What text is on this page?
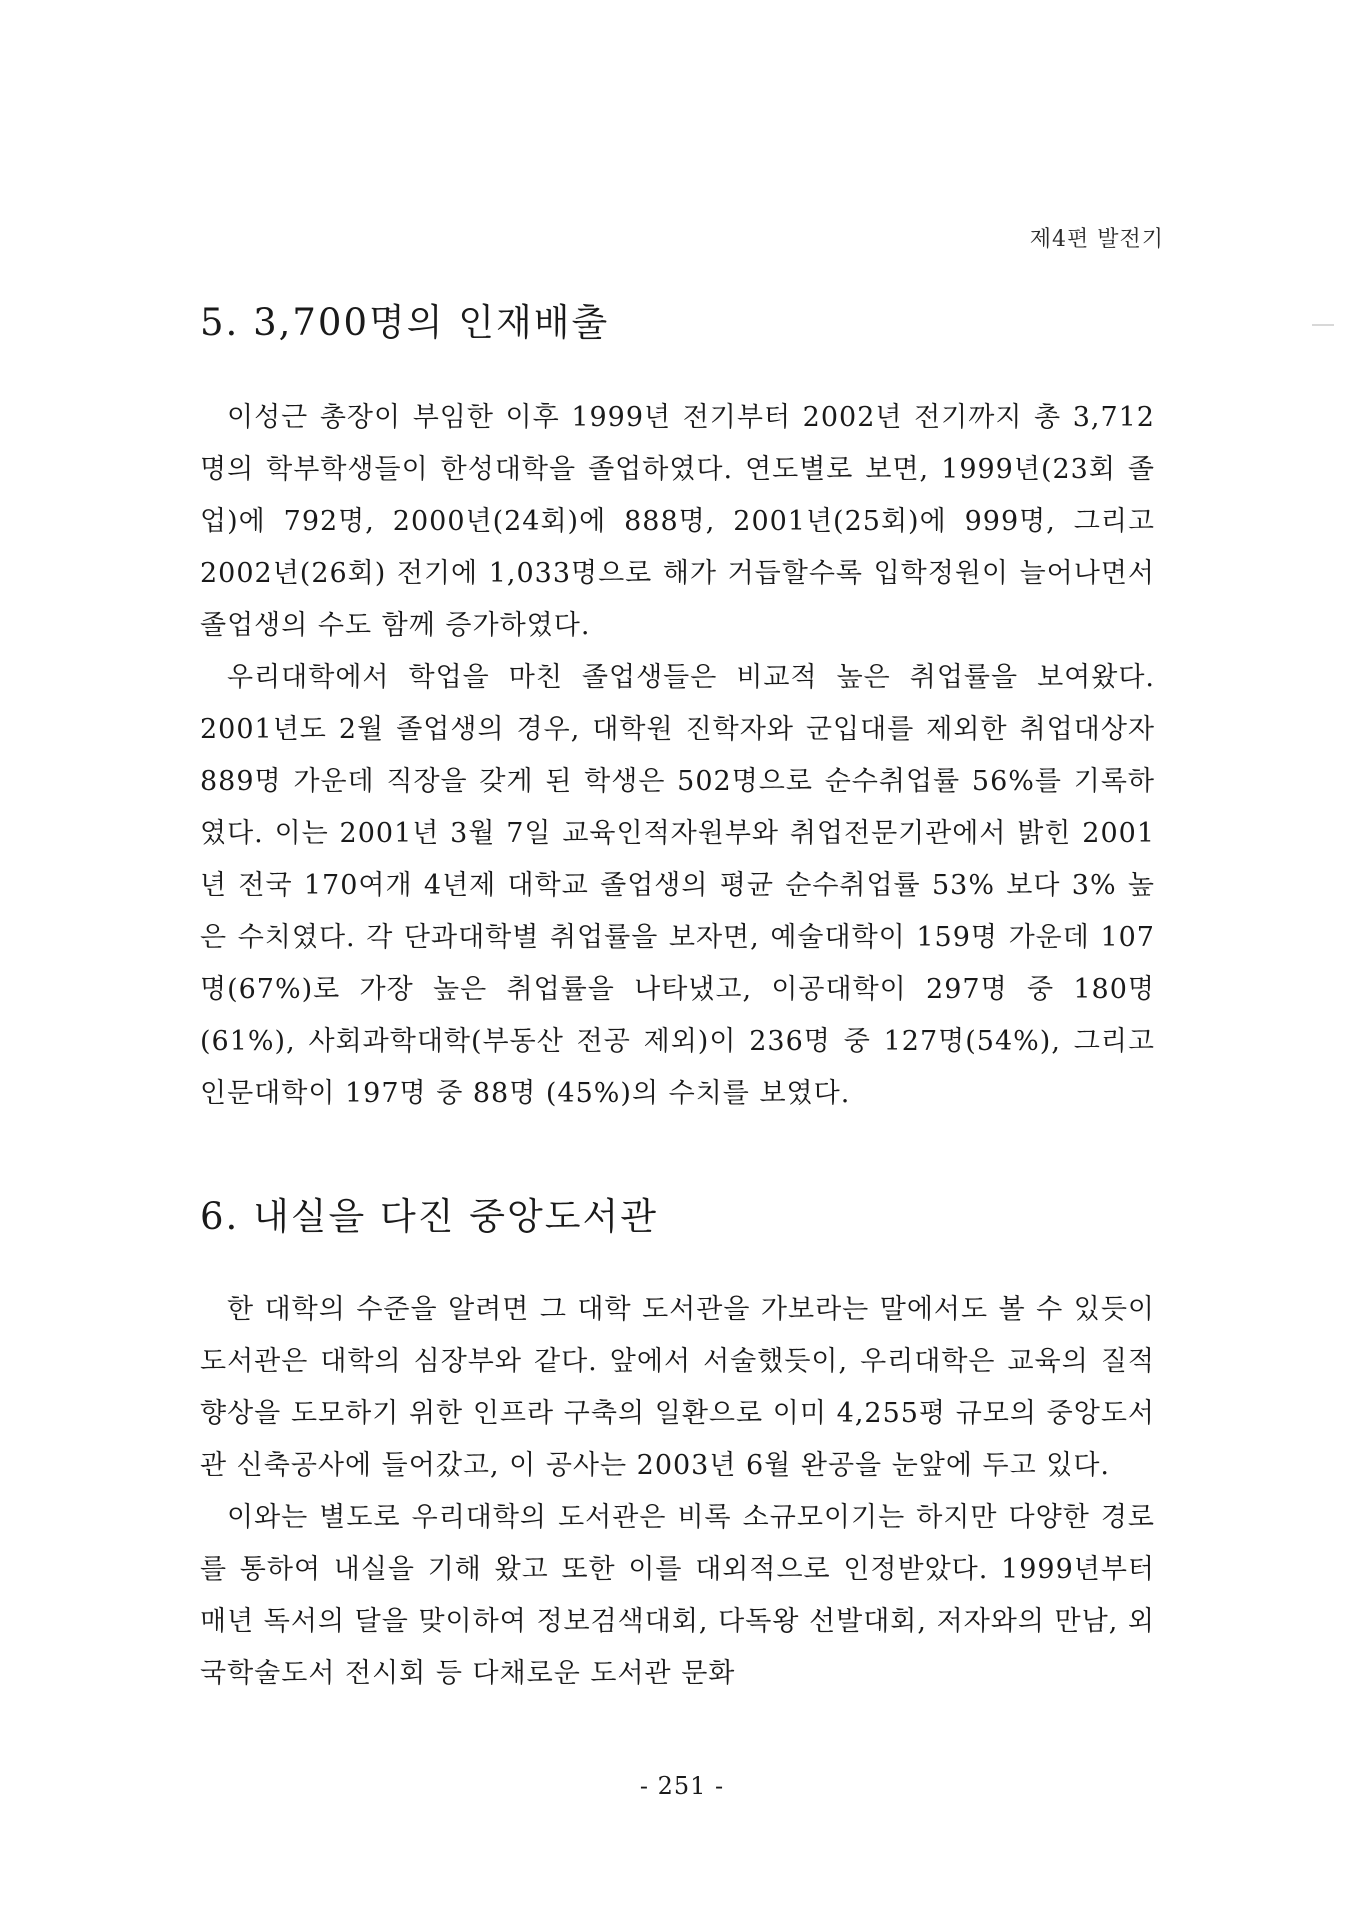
제4편 발전기
5. 3,700명의 인재배출

이성근 총장이 부임한 이후 1999년 전기부터 2002년 전기까지 총 3,712명의 학부학생들이 한성대학을 졸업하였다. 연도별로 보면, 1999년(23회 졸업)에 792명, 2000년(24회)에 888명, 2001년(25회)에 999명, 그리고 2002년(26회) 전기에 1,033명으로 해가 거듭할수록 입학정원이 늘어나면서 졸업생의 수도 함께 증가하였다.

우리대학에서 학업을 마친 졸업생들은 비교적 높은 취업률을 보여왔다. 2001년도 2월 졸업생의 경우, 대학원 진학자와 군입대를 제외한 취업대상자 889명 가운데 직장을 갖게 된 학생은 502명으로 순수취업률 56%를 기록하였다. 이는 2001년 3월 7일 교육인적자원부와 취업전문기관에서 밝힌 2001년 전국 170여개 4년제 대학교 졸업생의 평균 순수취업률 53% 보다 3% 높은 수치였다. 각 단과대학별 취업률을 보자면, 예술대학이 159명 가운데 107명(67%)로 가장 높은 취업률을 나타냈고, 이공대학이 297명 중 180명(61%), 사회과학대학(부동산 전공 제외)이 236명 중 127명(54%), 그리고 인문대학이 197명 중 88명 (45%)의 수치를 보였다.

6. 내실을 다진 중앙도서관

한 대학의 수준을 알려면 그 대학 도서관을 가보라는 말에서도 볼 수 있듯이 도서관은 대학의 심장부와 같다. 앞에서 서술했듯이, 우리대학은 교육의 질적 향상을 도모하기 위한 인프라 구축의 일환으로 이미 4,255평 규모의 중앙도서관 신축공사에 들어갔고, 이 공사는 2003년 6월 완공을 눈앞에 두고 있다.

이와는 별도로 우리대학의 도서관은 비록 소규모이기는 하지만 다양한 경로를 통하여 내실을 기해 왔고 또한 이를 대외적으로 인정받았다. 1999년부터 매년 독서의 달을 맞이하여 정보검색대회, 다독왕 선발대회, 저자와의 만남, 외국학술도서 전시회 등 다채로운 도서관 문화

- 251 -
